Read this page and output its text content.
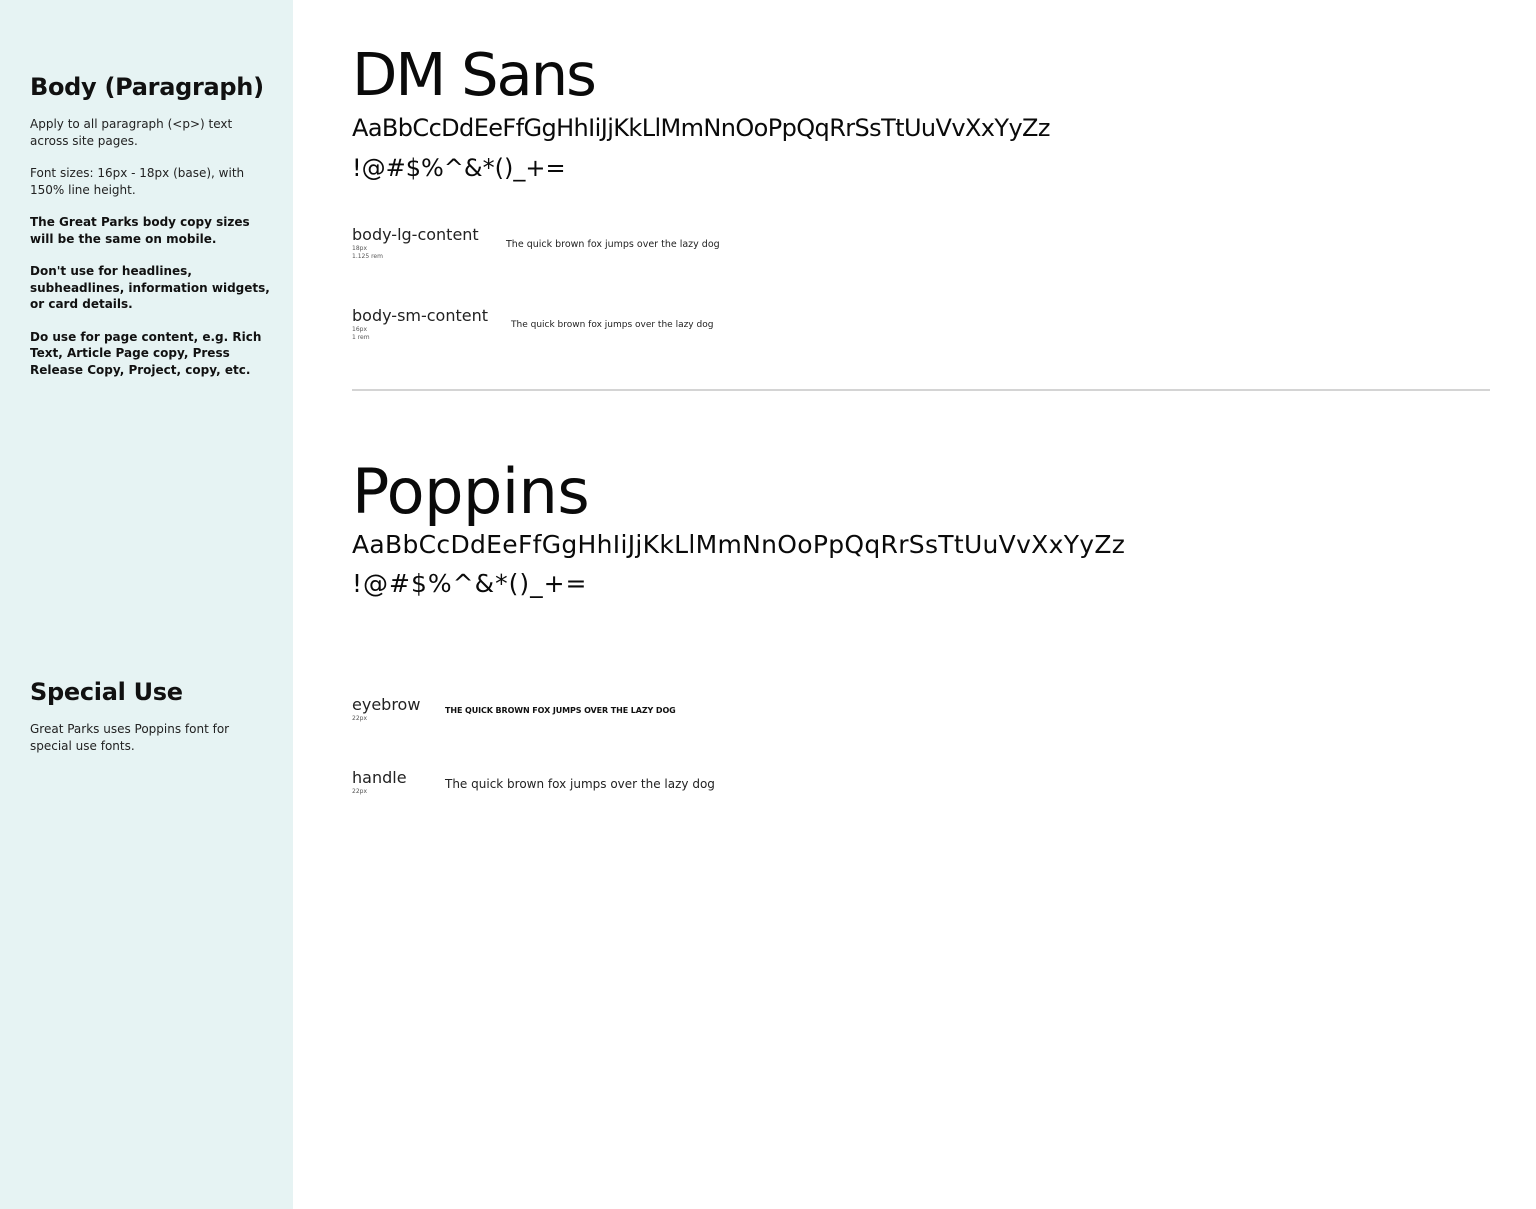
Body (Paragraph)

Apply to all paragraph (<p>) text across site pages.

Font sizes: 16px - 18px (base), with 150% line height.

The Great Parks body copy sizes will be the same on mobile.

Don't use for headlines, subheadlines, information widgets, or card details.

Do use for page content, e.g. Rich Text, Article Page copy, Press Release Copy, Project, copy, etc.

Special Use

Great Parks uses Poppins font for special use fonts.

DM Sans
AaBbCcDdEeFfGgHhIiJjKkLlMmNnOoPpQqRrSsTtUuVvXxYyZz
!@#$%^&*()_+=
body-lg-content
18px
1.125 rem
The quick brown fox jumps over the lazy dog
body-sm-content
16px
1 rem
The quick brown fox jumps over the lazy dog
Poppins
AaBbCcDdEeFfGgHhIiJjKkLlMmNnOoPpQqRrSsTtUuVvXxYyZz
!@#$%^&*()_+=
eyebrow
22px
THE QUICK BROWN FOX JUMPS OVER THE LAZY DOG
handle
22px
The quick brown fox jumps over the lazy dog
